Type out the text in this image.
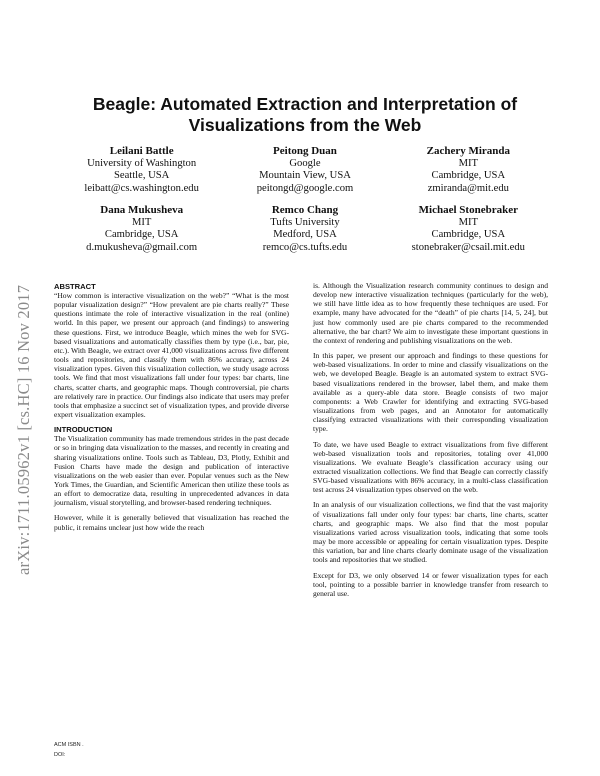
arXiv:1711.05962v1 [cs.HC] 16 Nov 2017
Beagle: Automated Extraction and Interpretation of Visualizations from the Web
Leilani Battle
University of Washington
Seattle, USA
leibatt@cs.washington.edu
Peitong Duan
Google
Mountain View, USA
peitongd@google.com
Zachery Miranda
MIT
Cambridge, USA
zmiranda@mit.edu
Dana Mukusheva
MIT
Cambridge, USA
d.mukusheva@gmail.com
Remco Chang
Tufts University
Medford, USA
remco@cs.tufts.edu
Michael Stonebraker
MIT
Cambridge, USA
stonebraker@csail.mit.edu
ABSTRACT

“How common is interactive visualization on the web?” “What is the most popular visualization design?” “How prevalent are pie charts really?” These questions intimate the role of interactive visualization in the real (online) world. In this paper, we present our approach (and findings) to answering these questions. First, we introduce Beagle, which mines the web for SVG-based visualizations and automatically classifies them by type (i.e., bar, pie, etc.). With Beagle, we extract over 41,000 visualizations across five different tools and repositories, and classify them with 86% accuracy, across 24 visualization types. Given this visualization collection, we study usage across tools. We find that most visualizations fall under four types: bar charts, line charts, scatter charts, and geographic maps. Though controversial, pie charts are relatively rare in practice. Our findings also indicate that users may prefer tools that emphasize a succinct set of visualization types, and provide diverse expert visualization examples.

INTRODUCTION

The Visualization community has made tremendous strides in the past decade or so in bringing data visualization to the masses, and recently in creating and sharing visualizations online. Tools such as Tableau, D3, Plotly, Exhibit and Fusion Charts have made the design and publication of interactive visualizations on the web easier than ever. Popular venues such as the New York Times, the Guardian, and Scientific American then utilize these tools as an effort to democratize data, resulting in unprecedented advances in data journalism, visual storytelling, and browser-based rendering techniques.

However, while it is generally believed that visualization has reached the public, it remains unclear just how wide the reach

is. Although the Visualization research community continues to design and develop new interactive visualization techniques (particularly for the web), we still have little idea as to how frequently these techniques are used. For example, many have advocated for the “death” of pie charts [14, 5, 24], but just how commonly used are pie charts compared to the recommended alternative, the bar chart? We aim to investigate these important questions in the context of rendering and publishing visualizations on the web.

In this paper, we present our approach and findings to these questions for web-based visualizations. In order to mine and classify visualizations on the web, we developed Beagle. Beagle is an automated system to extract SVG-based visualizations rendered in the browser, label them, and make them available as a query-able data store. Beagle consists of two major components: a Web Crawler for identifying and extracting SVG-based visualizations from web pages, and an Annotator for automatically classifying extracted visualizations with their corresponding visualization type.

To date, we have used Beagle to extract visualizations from five different web-based visualization tools and repositories, totaling over 41,000 visualizations. We evaluate Beagle’s classification accuracy using our extracted visualization collections. We find that Beagle can correctly classify SVG-based visualizations with 86% accuracy, in a multi-class classification test across 24 visualization types observed on the web.

In an analysis of our visualization collections, we find that the vast majority of visualizations fall under only four types: bar charts, line charts, scatter charts, and geographic maps. We also find that the most popular visualizations varied across visualization tools, indicating that some tools may be more accessible or appealing for certain visualization types. Despite this variation, bar and line charts clearly dominate usage of the visualization tools and repositories that we studied.

Except for D3, we only observed 14 or fewer visualization types for each tool, pointing to a possible barrier in knowledge transfer from research to general use.

ACM ISBN .
DOI:
